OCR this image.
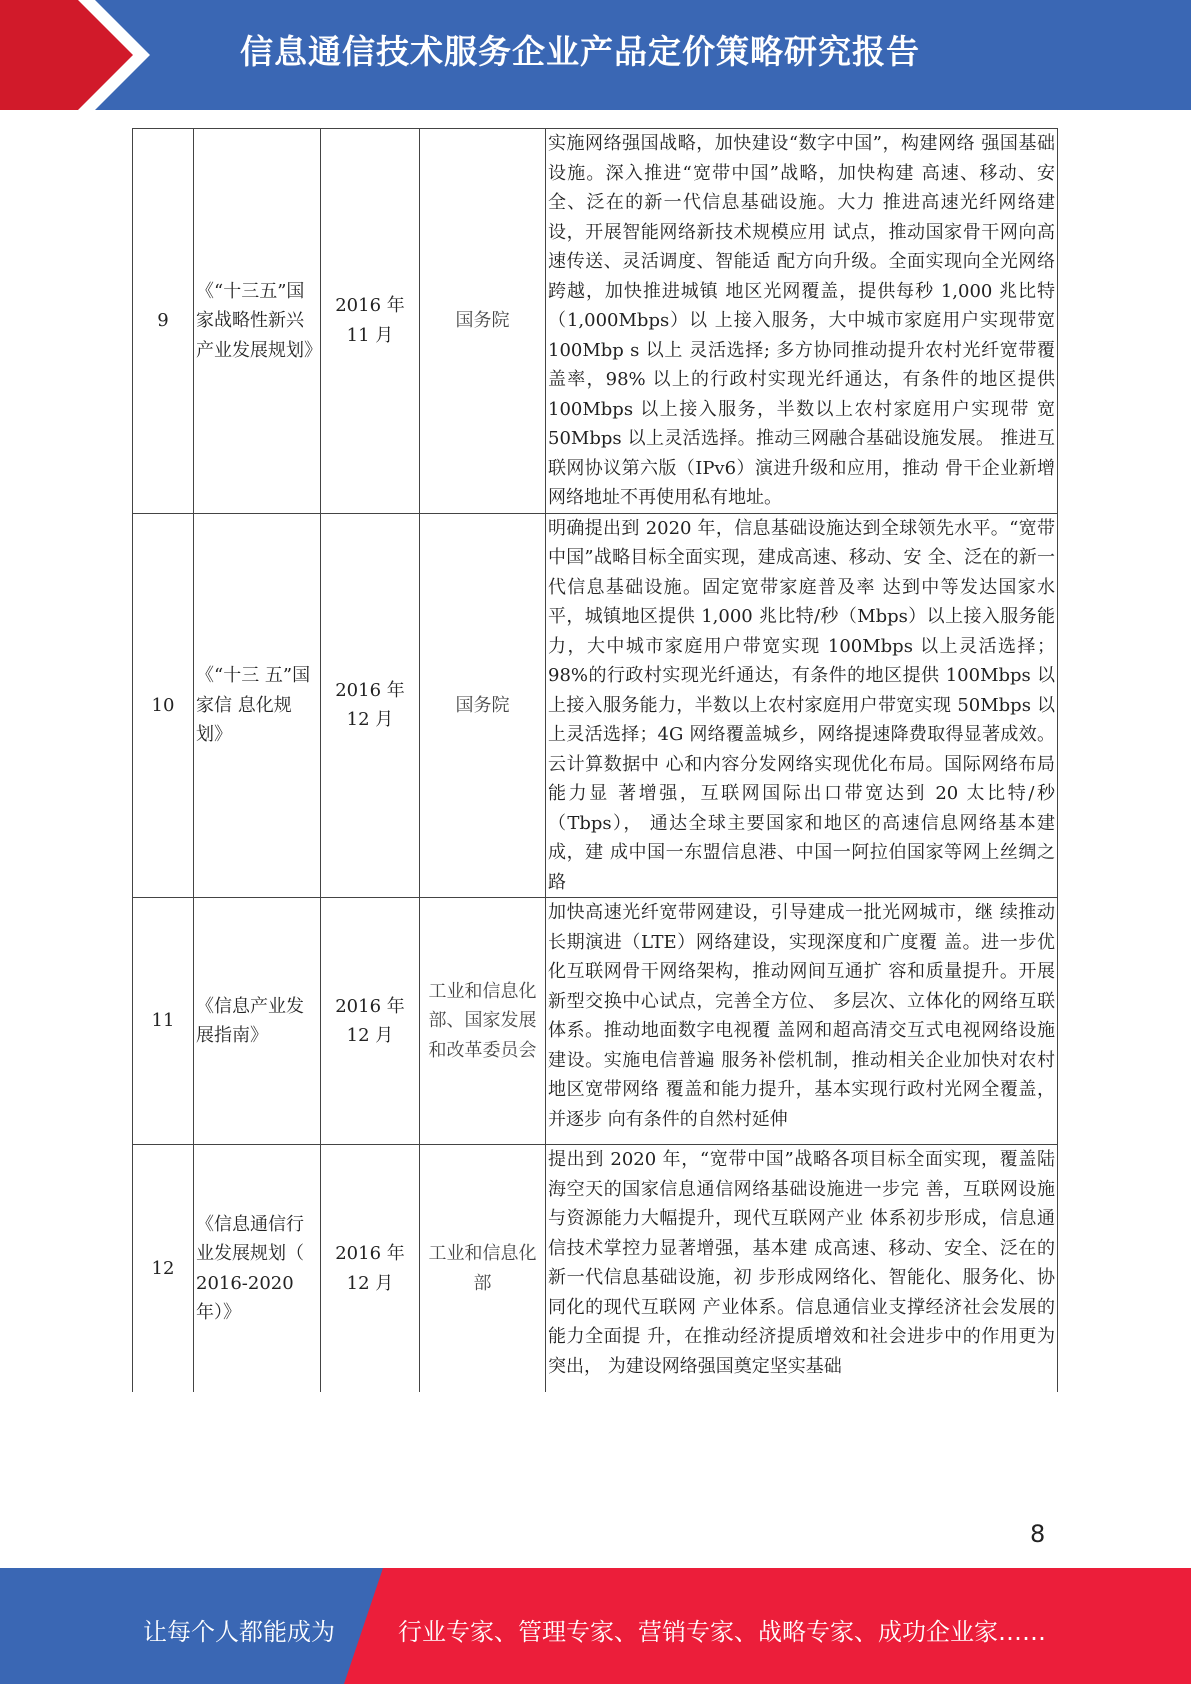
信息通信技术服务企业产品定价策略研究报告
9	《“十三五”国家战略性新兴产业发展规划》	2016 年 11 月	国务院	实施网络强国战略，加快建设“数字中国”，构建网络 强国基础设施。深入推进“宽带中国”战略，加快构建 高速、移动、安全、泛在的新一代信息基础设施。大力 推进高速光纤网络建设，开展智能网络新技术规模应用 试点，推动国家骨干网向高速传送、灵活调度、智能适 配方向升级。全面实现向全光网络跨越，加快推进城镇 地区光网覆盖，提供每秒 1,000 兆比特（1,000Mbps）以 上接入服务，大中城市家庭用户实现带宽 100Mbp s 以上 灵活选择; 多方协同推动提升农村光纤宽带覆盖率，98% 以上的行政村实现光纤通达，有条件的地区提供 100Mbps 以上接入服务，半数以上农村家庭用户实现带 宽 50Mbps 以上灵活选择。推动三网融合基础设施发展。 推进互联网协议第六版（IPv6）演进升级和应用，推动 骨干企业新增网络地址不再使用私有地址。
10	《“十三 五”国家信 息化规划》	2016 年 12 月	国务院	明确提出到 2020 年，信息基础设施达到全球领先水平。“宽带中国”战略目标全面实现，建成高速、移动、安 全、泛在的新一代信息基础设施。固定宽带家庭普及率 达到中等发达国家水平，城镇地区提供 1,000 兆比特/秒（Mbps）以上接入服务能力，大中城市家庭用户带宽实现 100Mbps 以上灵活选择；98%的行政村实现光纤通达，有条件的地区提供 100Mbps 以上接入服务能力，半数以上农村家庭用户带宽实现 50Mbps 以上灵活选择；4G 网络覆盖城乡，网络提速降费取得显著成效。云计算数据中 心和内容分发网络实现优化布局。国际网络布局能力显 著增强，互联网国际出口带宽达到 20 太比特/秒（Tbps）， 通达全球主要国家和地区的高速信息网络基本建成，建 成中国一东盟信息港、中国一阿拉伯国家等网上丝绸之 路
11	《信息产业发展指南》	2016 年 12 月	工业和信息化部、国家发展和改革委员会	加快高速光纤宽带网建设，引导建成一批光网城市，继 续推动长期演进（LTE）网络建设，实现深度和广度覆 盖。进一步优化互联网骨干网络架构，推动网间互通扩 容和质量提升。开展新型交换中心试点，完善全方位、 多层次、立体化的网络互联体系。推动地面数字电视覆 盖网和超高清交互式电视网络设施建设。实施电信普遍 服务补偿机制，推动相关企业加快对农村地区宽带网络 覆盖和能力提升，基本实现行政村光网全覆盖，并逐步 向有条件的自然村延伸
12	《信息通信行业发展规划（ 2016-2020 年）》	2016 年 12 月	工业和信息化部	提出到 2020 年，“宽带中国”战略各项目标全面实现，覆盖陆海空天的国家信息通信网络基础设施进一步完 善，互联网设施与资源能力大幅提升，现代互联网产业 体系初步形成，信息通信技术掌控力显著增强，基本建 成高速、移动、安全、泛在的新一代信息基础设施，初 步形成网络化、智能化、服务化、协同化的现代互联网 产业体系。信息通信业支撑经济社会发展的能力全面提 升，在推动经济提质增效和社会进步中的作用更为突出， 为建设网络强国奠定坚实基础
8
让每个人都能成为	行业专家、管理专家、营销专家、战略专家、成功企业家……
